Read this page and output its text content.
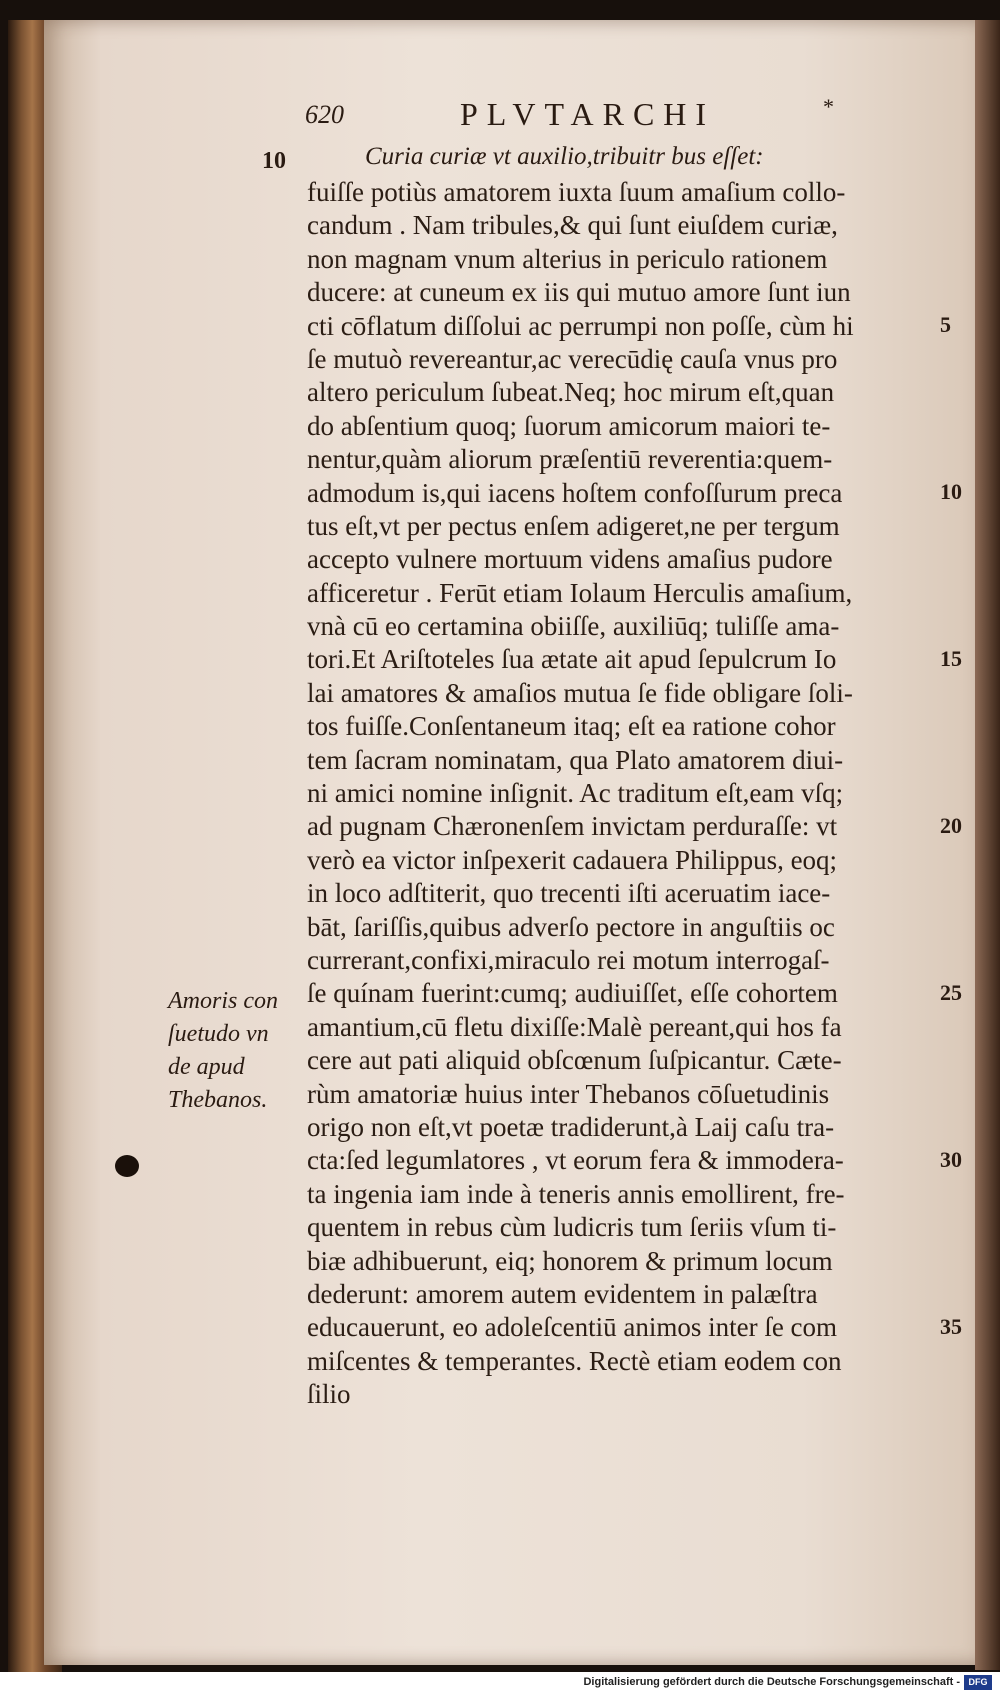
620	PLVTARCHI	*
10	Curia curiæ vt auxilio,tribuitr bus eſſet:
fuiſſe potiùs amatorem iuxta ſuum amaſium collo-
candum . Nam tribules,& qui ſunt eiuſdem curiæ,
non magnam vnum alterius in periculo rationem
ducere: at cuneum ex iis qui mutuo amore ſunt iun
cti cōflatum diſſolui ac perrumpi non poſſe, cùm hi
ſe mutuò revereantur,ac verecūdię cauſa vnus pro
altero periculum ſubeat.Neq; hoc mirum eſt,quan
do abſentium quoq; ſuorum amicorum maiori te-
nentur,quàm aliorum præſentiū reverentia:quem-
admodum is,qui iacens hoſtem confoſſurum preca
tus eſt,vt per pectus enſem adigeret,ne per tergum
accepto vulnere mortuum videns amaſius pudore
afficeretur . Ferūt etiam Iolaum Herculis amaſium,
vnà cū eo certamina obiiſſe, auxiliūq; tuliſſe ama-
tori.Et Ariſtoteles ſua ætate ait apud ſepulcrum Io
lai amatores & amaſios mutua ſe fide obligare ſoli-
tos fuiſſe.Conſentaneum itaq; eſt ea ratione cohor
tem ſacram nominatam, qua Plato amatorem diui-
ni amici nomine inſignit. Ac traditum eſt,eam vſq;
ad pugnam Chæronenſem invictam perduraſſe: vt
verò ea victor inſpexerit cadauera Philippus, eoq;
in loco adſtiterit, quo trecenti iſti aceruatim iace-
bāt, ſariſſis,quibus adverſo pectore in anguſtiis oc
currerant,confixi,miraculo rei motum interrogaſ-
ſe quínam fuerint:cumq; audiuiſſet, eſſe cohortem
amantium,cū fletu dixiſſe:Malè pereant,qui hos fa
cere aut pati aliquid obſcœnum ſuſpicantur. Cæte-
rùm amatoriæ huius inter Thebanos cōſuetudinis
origo non eſt,vt poetæ tradiderunt,à Laij caſu tra-
cta:ſed legumlatores , vt eorum fera & immodera-
ta ingenia iam inde à teneris annis emollirent, fre-
quentem in rebus cùm ludicris tum ſeriis vſum ti-
biæ adhibuerunt, eiq; honorem & primum locum
dederunt: amorem autem evidentem in palæſtra
educauerunt, eo adoleſcentiū animos inter ſe com
miſcentes & temperantes. Rectè etiam eodem con
ſilio
5
10
15
20
25
30
35
Amoris con
ſuetudo vn
de apud
Thebanos.
Digitalisierung gefördert durch die Deutsche Forschungsgemeinschaft - DFG
